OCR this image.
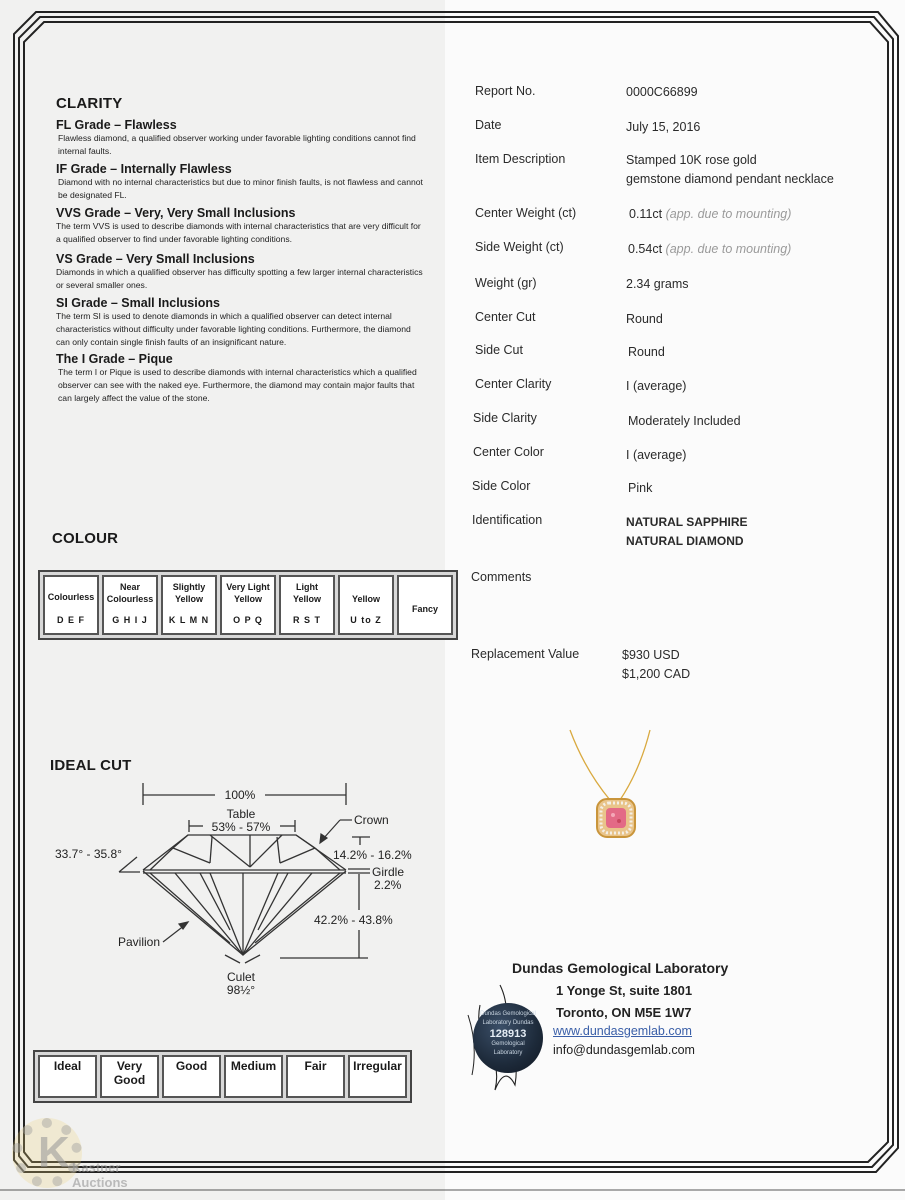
CLARITY
FL Grade – Flawless
Flawless diamond, a qualified observer working under favorable lighting conditions cannot find internal faults.
IF Grade – Internally Flawless
Diamond with no internal characteristics but due to minor finish faults, is not flawless and cannot be designated FL.
VVS Grade – Very, Very Small Inclusions
The term VVS is used to describe diamonds with internal characteristics that are very difficult for a qualified observer to find under favorable lighting conditions.
VS Grade – Very Small Inclusions
Diamonds in which a qualified observer has difficulty spotting a few larger internal characteristics or several smaller ones.
SI Grade – Small Inclusions
The term SI is used to denote diamonds in which a qualified observer can detect internal characteristics without difficulty under favorable lighting conditions. Furthermore, the diamond can only contain single finish faults of an insignificant nature.
The I Grade – Pique
The term I or Pique is used to describe diamonds with internal characteristics which a qualified observer can see with the naked eye. Furthermore, the diamond may contain major faults that can largely affect the value of the stone.
COLOUR
Colourless
D E F

Near Colourless
G H I J

Slightly Yellow
K L M N

Very Light Yellow
O P Q

Light Yellow
R S T

Yellow
U to Z

Fancy
IDEAL CUT
100%
Table
53% - 57%	Crown
33.7° - 35.8°	14.2% - 16.2%
Girdle
2.2%
42.2% - 43.8%
Pavilion
Culet
98½°
Ideal	Very Good	Good	Medium	Fair	Irregular
Report No.	0000C66899
Date	July 15, 2016
Item Description	Stamped 10K rose gold
gemstone diamond pendant necklace
Center Weight (ct)	0.11ct (app. due to mounting)
Side Weight (ct)	0.54ct (app. due to mounting)
Weight (gr)	2.34 grams
Center Cut	Round
Side Cut	Round
Center Clarity	I (average)
Side Clarity	Moderately Included
Center Color	I (average)
Side Color	Pink
Identification	NATURAL SAPPHIRE
NATURAL DIAMOND
Comments
Replacement Value	$930 USD
$1,200 CAD
Dundas Gemological Laboratory
1 Yonge St, suite 1801
Toronto, ON M5E 1W7
www.dundasgemlab.com
info@dundasgemlab.com
Dundas Gemological
Laboratory Dundas
128913
Gemological
Laboratory
K Kastner
Auctions
